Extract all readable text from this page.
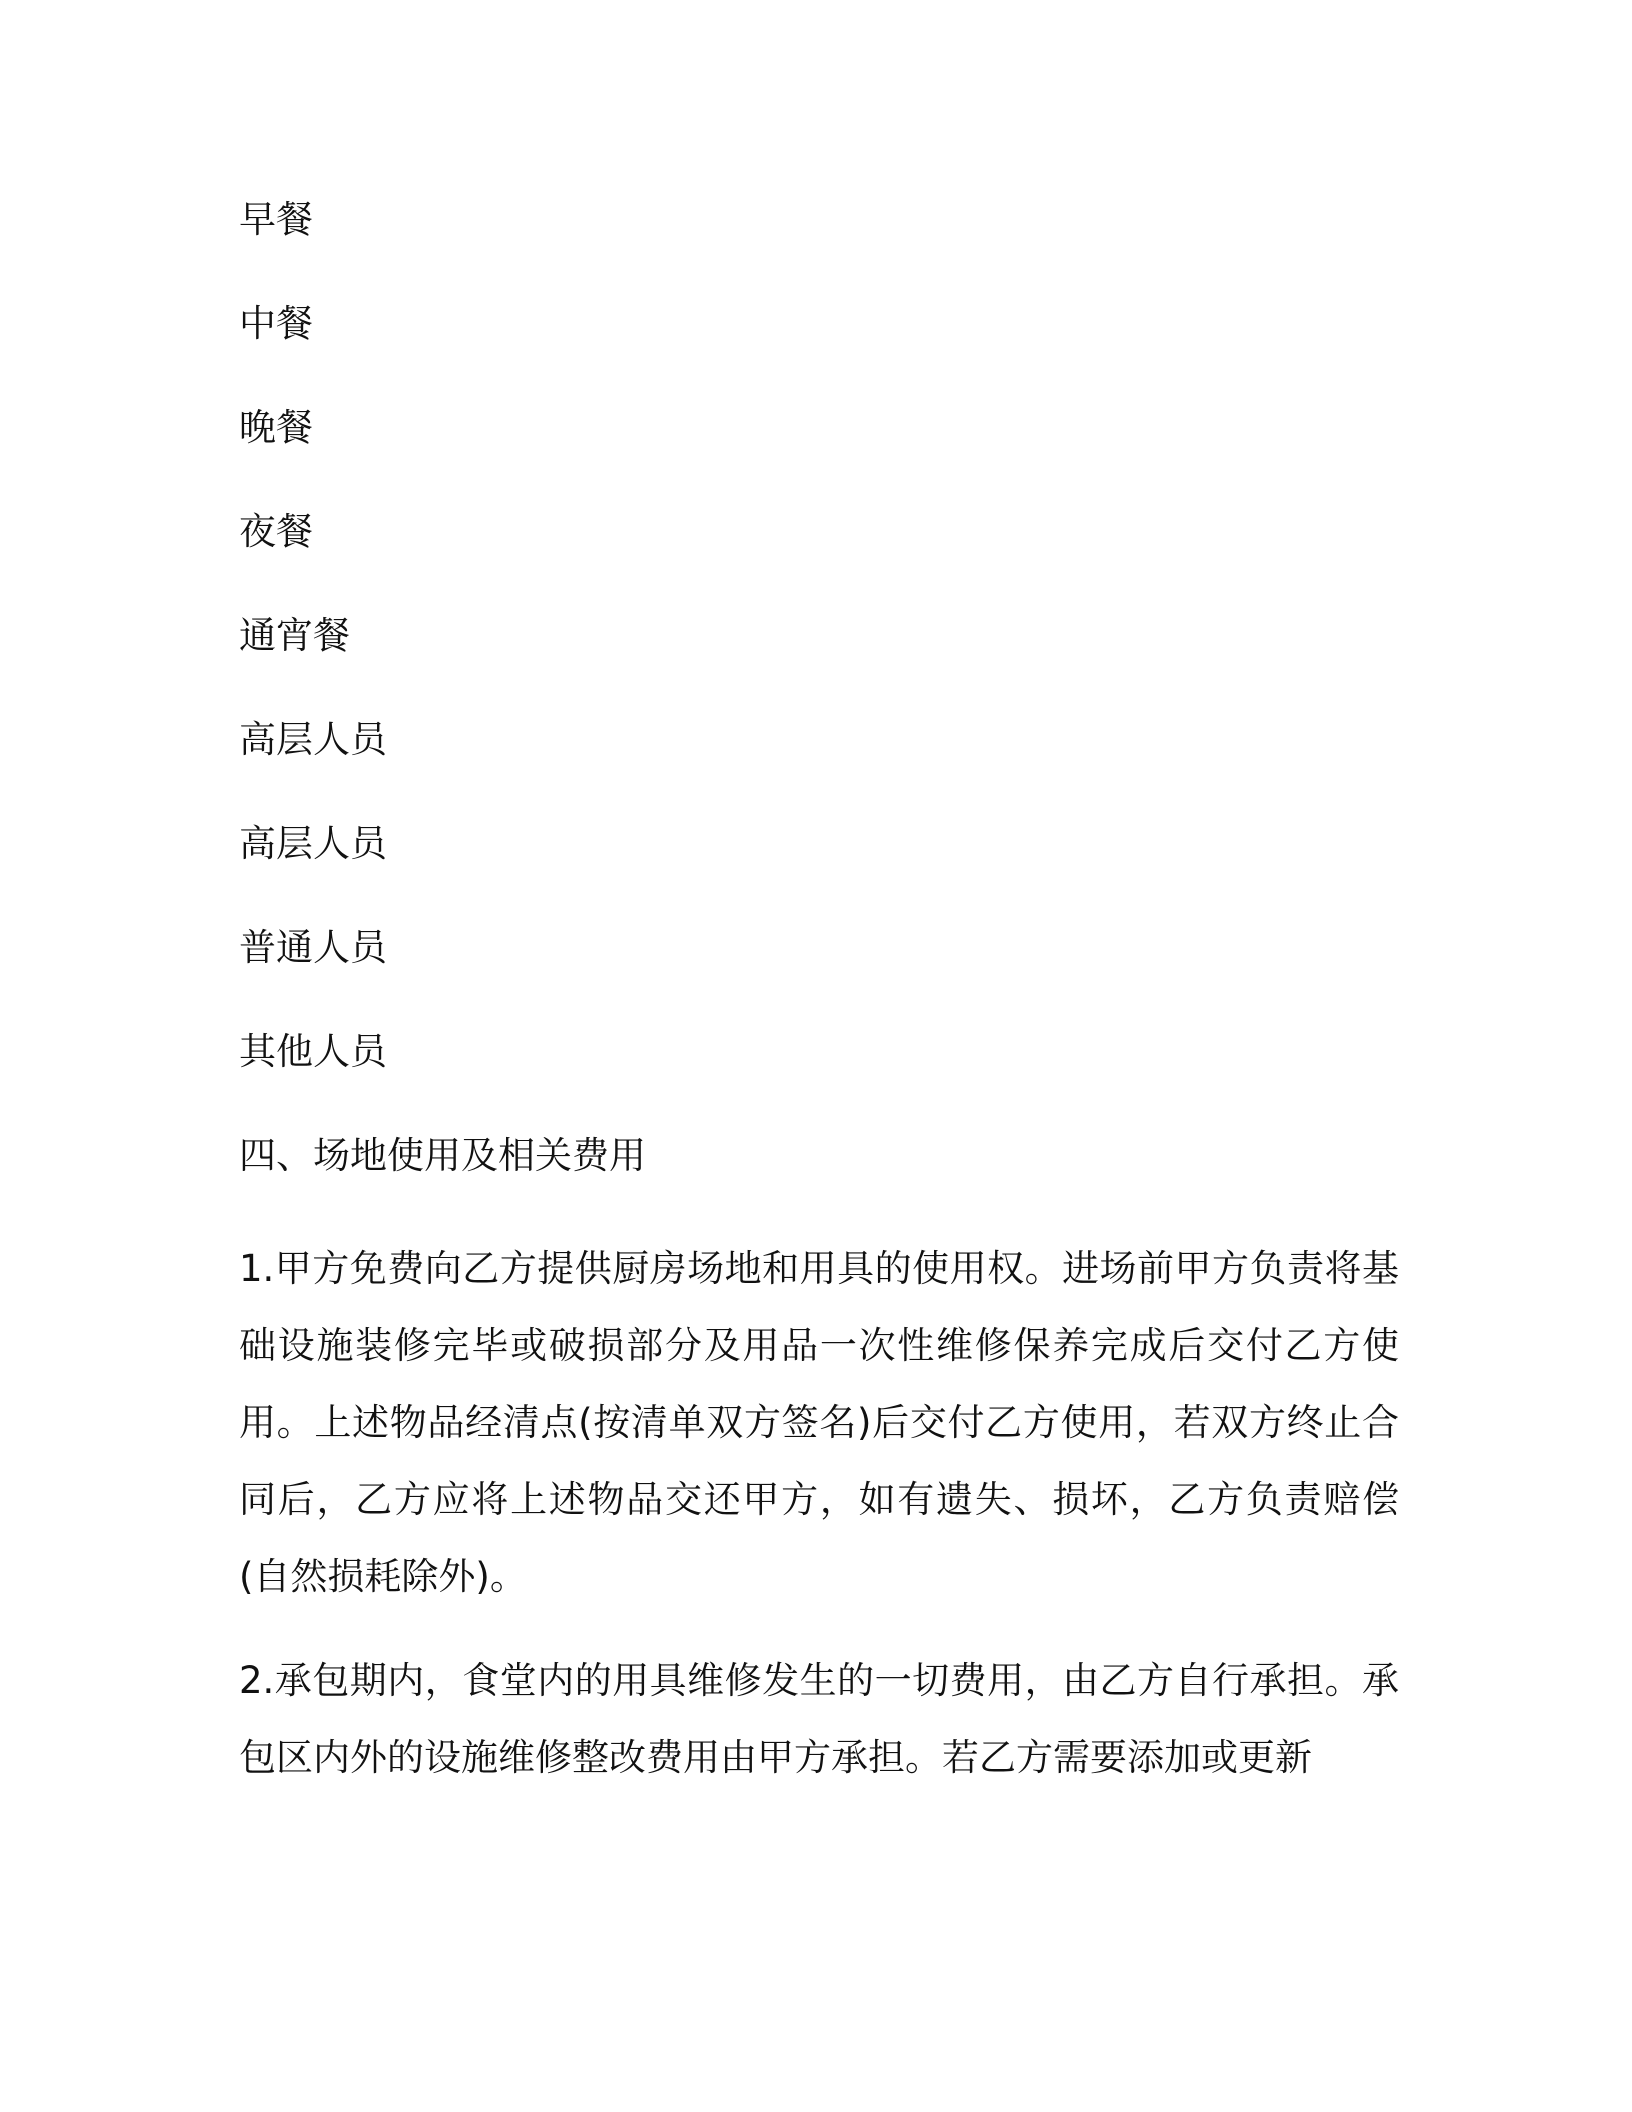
早餐
中餐
晚餐
夜餐
通宵餐
高层人员
高层人员
普通人员
其他人员
四、场地使用及相关费用

1.甲方免费向乙方提供厨房场地和用具的使用权。进场前甲方负责将基础设施装修完毕或破损部分及用品一次性维修保养完成后交付乙方使用。上述物品经清点(按清单双方签名)后交付乙方使用，若双方终止合同后，乙方应将上述物品交还甲方，如有遗失、损坏，乙方负责赔偿(自然损耗除外)。

2.承包期内，食堂内的用具维修发生的一切费用，由乙方自行承担。承包区内外的设施维修整改费用由甲方承担。若乙方需要添加或更新
